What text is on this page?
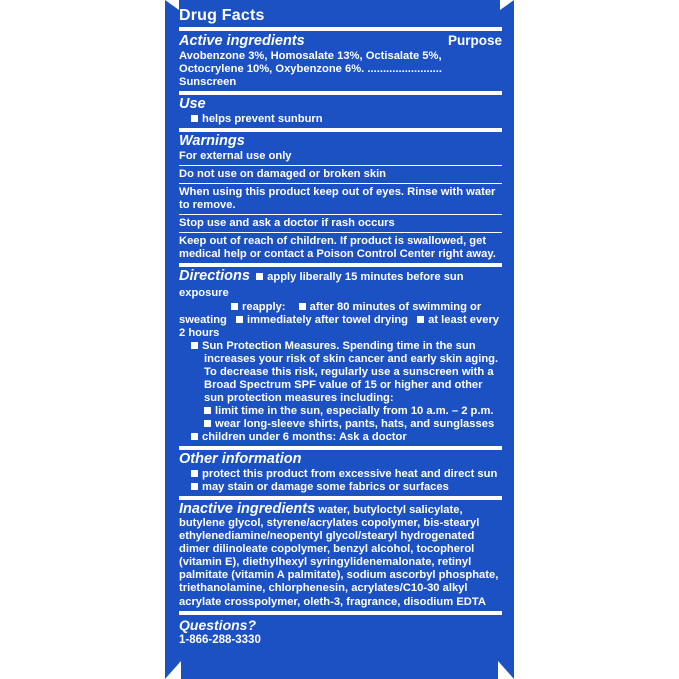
Drug Facts
Active ingredients	Purpose
Avobenzone 3%, Homosalate 13%, Octisalate 5%, Octocrylene 10%, Oxybenzone 6%. ........................ Sunscreen
Use
helps prevent sunburn
Warnings
For external use only
Do not use on damaged or broken skin
When using this product keep out of eyes. Rinse with water to remove.
Stop use and ask a doctor if rash occurs
Keep out of reach of children. If product is swallowed, get medical help or contact a Poison Control Center right away.
Directions apply liberally 15 minutes before sun exposure
reapply: after 80 minutes of swimming or sweating immediately after towel drying at least every 2 hours
Sun Protection Measures. Spending time in the sun increases your risk of skin cancer and early skin aging. To decrease this risk, regularly use a sunscreen with a Broad Spectrum SPF value of 15 or higher and other sun protection measures including:
limit time in the sun, especially from 10 a.m. – 2 p.m.
wear long-sleeve shirts, pants, hats, and sunglasses
children under 6 months: Ask a doctor
Other information
protect this product from excessive heat and direct sun
may stain or damage some fabrics or surfaces
Inactive ingredients water, butyloctyl salicylate, butylene glycol, styrene/acrylates copolymer, bis-stearyl ethylenediamine/neopentyl glycol/stearyl hydrogenated dimer dilinoleate copolymer, benzyl alcohol, tocopherol (vitamin E), diethylhexyl syringylidenemalonate, retinyl palmitate (vitamin A palmitate), sodium ascorbyl phosphate, triethanolamine, chlorphenesin, acrylates/C10-30 alkyl acrylate crosspolymer, oleth-3, fragrance, disodium EDTA
Questions?
1-866-288-3330
